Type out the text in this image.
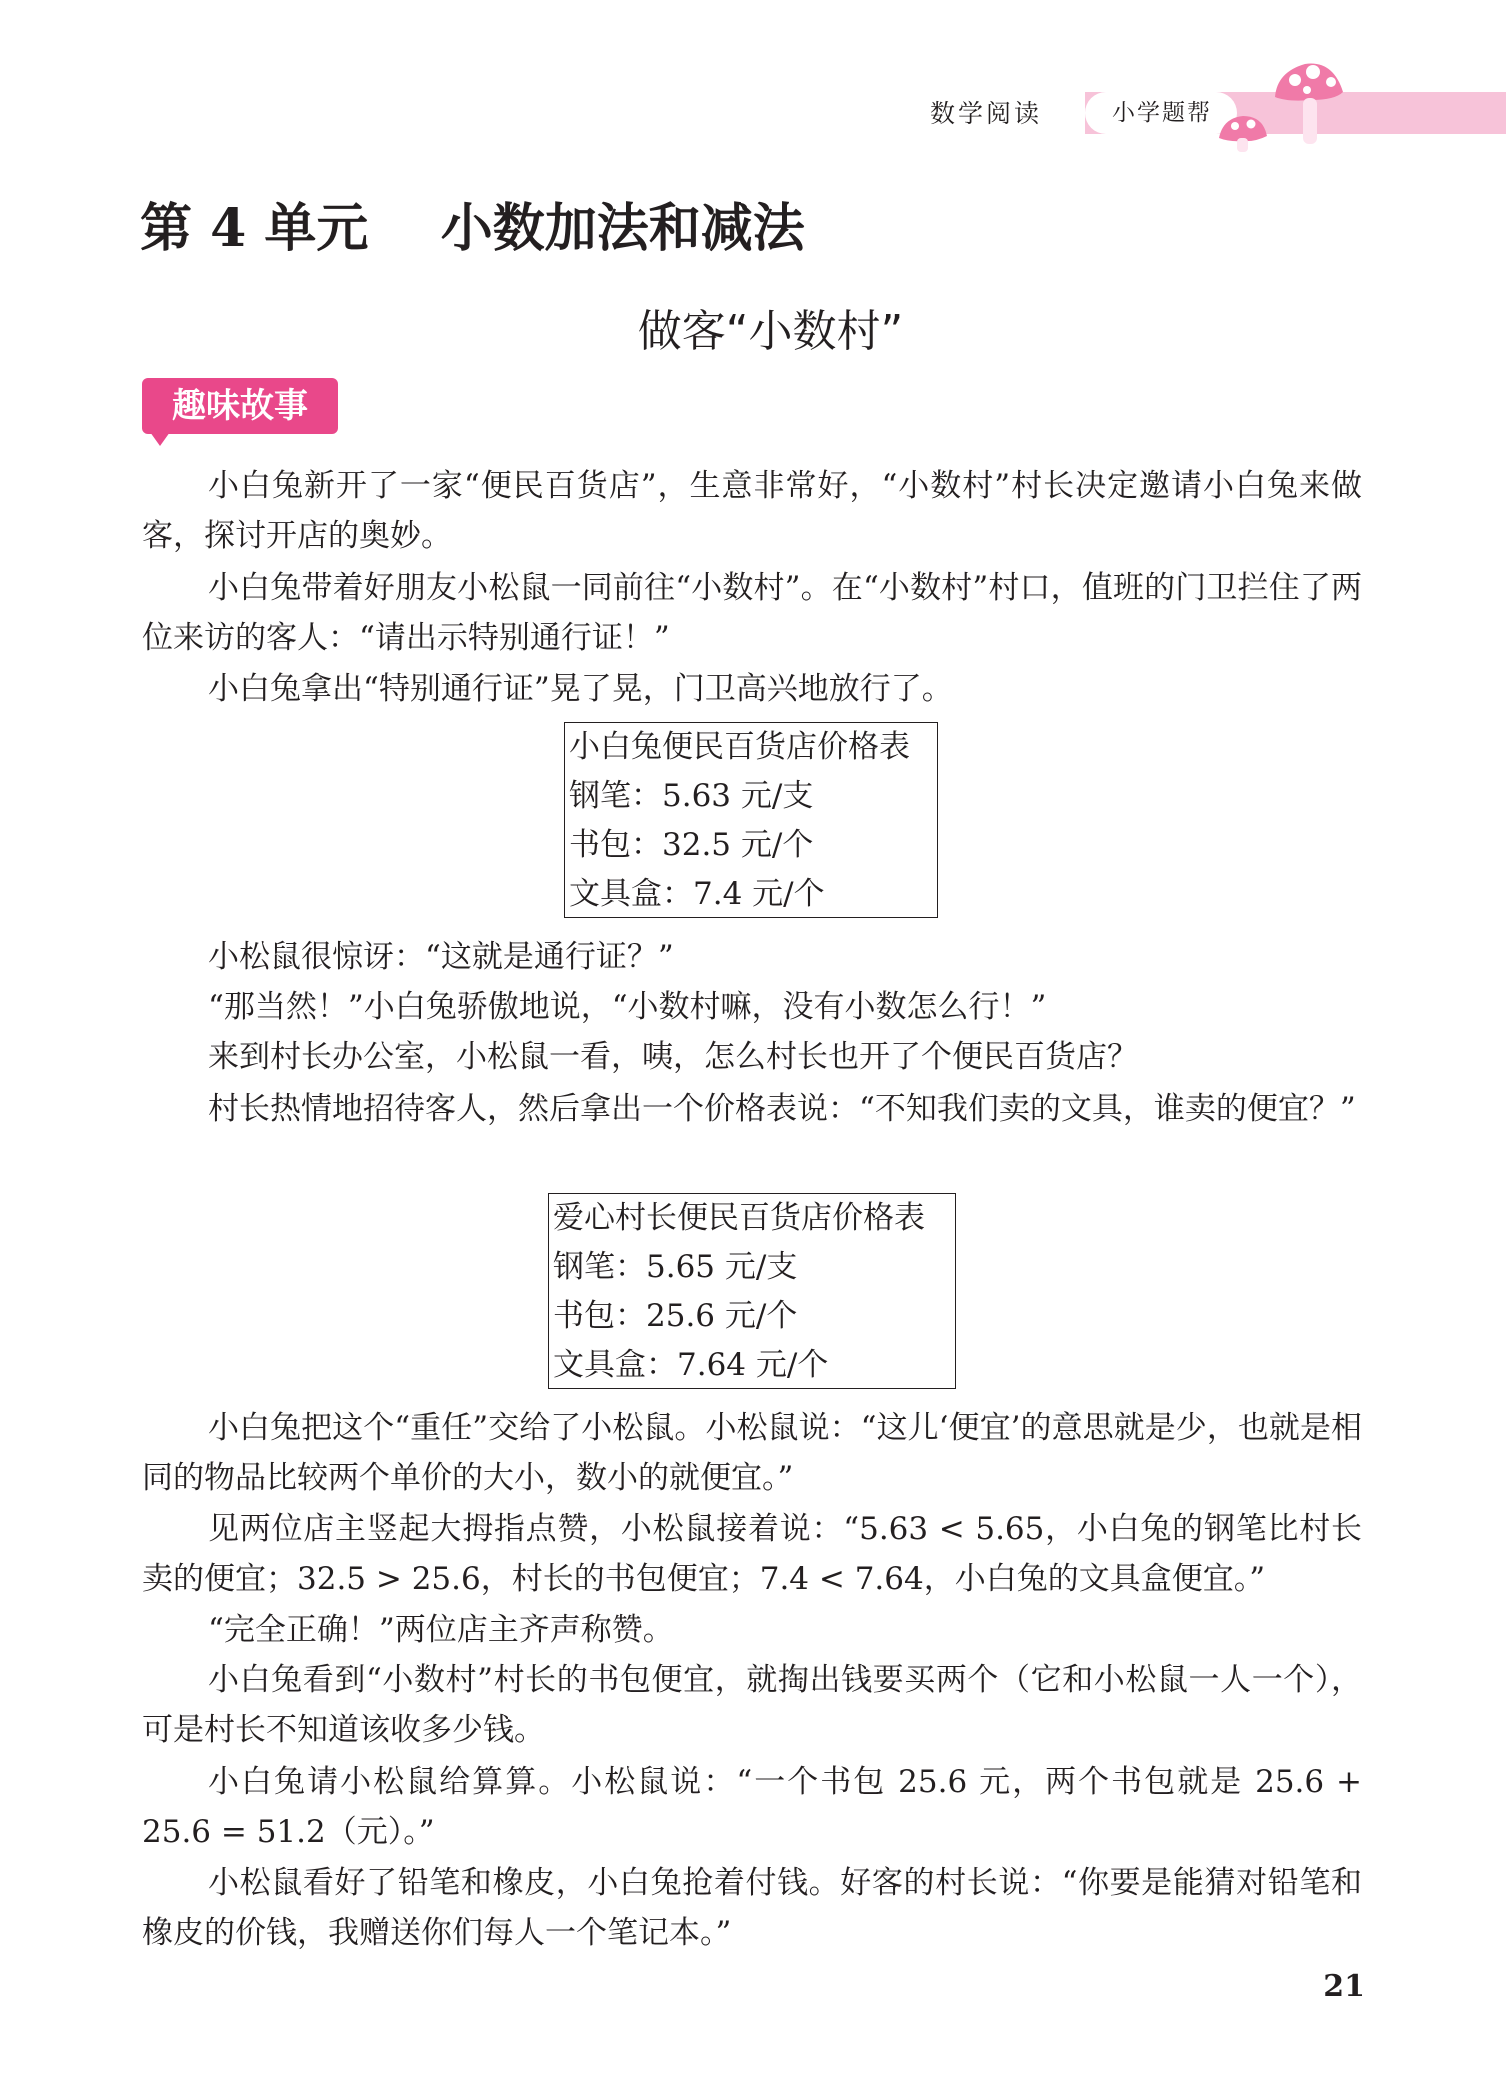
数学阅读	小学题帮
第 4 单元    小数加法和减法
做客“小数村”
趣味故事

小白兔新开了一家“便民百货店”，生意非常好，“小数村”村长决定邀请小白兔来做客，探讨开店的奥妙。

小白兔带着好朋友小松鼠一同前往“小数村”。在“小数村”村口，值班的门卫拦住了两位来访的客人：“请出示特别通行证！”

小白兔拿出“特别通行证”晃了晃，门卫高兴地放行了。

小白兔便民百货店价格表
钢笔：5.63 元/支
书包：32.5 元/个
文具盒：7.4 元/个

小松鼠很惊讶：“这就是通行证？”

“那当然！”小白兔骄傲地说，“小数村嘛，没有小数怎么行！”

来到村长办公室，小松鼠一看，咦，怎么村长也开了个便民百货店？

村长热情地招待客人，然后拿出一个价格表说：“不知我们卖的文具，谁卖的便宜？”

爱心村长便民百货店价格表
钢笔：5.65 元/支
书包：25.6 元/个
文具盒：7.64 元/个

小白兔把这个“重任”交给了小松鼠。小松鼠说：“这儿‘便宜’的意思就是少，也就是相同的物品比较两个单价的大小，数小的就便宜。”

见两位店主竖起大拇指点赞，小松鼠接着说：“5.63 < 5.65，小白兔的钢笔比村长卖的便宜；32.5 > 25.6，村长的书包便宜；7.4 < 7.64，小白兔的文具盒便宜。”

“完全正确！”两位店主齐声称赞。

小白兔看到“小数村”村长的书包便宜，就掏出钱要买两个（它和小松鼠一人一个），可是村长不知道该收多少钱。

小白兔请小松鼠给算算。小松鼠说：“一个书包 25.6 元，两个书包就是 25.6 + 25.6 = 51.2（元）。”

小松鼠看好了铅笔和橡皮，小白兔抢着付钱。好客的村长说：“你要是能猜对铅笔和橡皮的价钱，我赠送你们每人一个笔记本。”

21
